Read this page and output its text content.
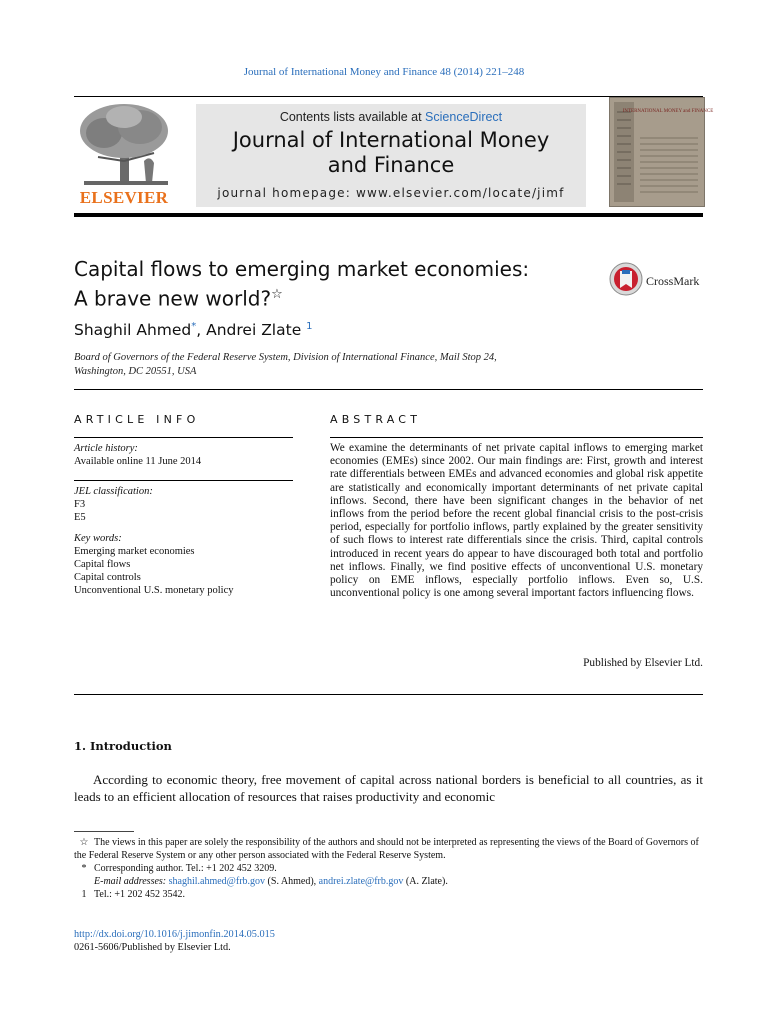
Journal of International Money and Finance 48 (2014) 221–248
ELSEVIER
Contents lists available at ScienceDirect
Journal of International Money
and Finance
journal homepage: www.elsevier.com/locate/jimf
INTERNATIONAL MONEY and FINANCE
Capital flows to emerging market economies:
A brave new world?☆
CrossMark
Shaghil Ahmed*, Andrei Zlate $^1$
Board of Governors of the Federal Reserve System, Division of International Finance, Mail Stop 24,
Washington, DC 20551, USA
ARTICLE INFO	ABSTRACT
Article history:
Available online 11 June 2014
JEL classification:
F3
E5
Key words:
Emerging market economies
Capital flows
Capital controls
Unconventional U.S. monetary policy
We examine the determinants of net private capital inflows to emerging market economies (EMEs) since 2002. Our main findings are: First, growth and interest rate differentials between EMEs and advanced economies and global risk appetite are statistically and economically important determinants of net private capital inflows. Second, there have been significant changes in the behavior of net inflows from the period before the recent global financial crisis to the post-crisis period, especially for portfolio inflows, partly explained by the greater sensitivity of such flows to interest rate differentials since the crisis. Third, capital controls introduced in recent years do appear to have discouraged both total and portfolio net inflows. Finally, we find positive effects of unconventional U.S. monetary policy on EME inflows, especially portfolio inflows. Even so, U.S. unconventional policy is one among several important factors influencing flows.
Published by Elsevier Ltd.
1. Introduction
According to economic theory, free movement of capital across national borders is beneficial to all countries, as it leads to an efficient allocation of resources that raises productivity and economic
☆ The views in this paper are solely the responsibility of the authors and should not be interpreted as representing the views of the Board of Governors of the Federal Reserve System or any other person associated with the Federal Reserve System.
* Corresponding author. Tel.: +1 202 452 3209.
E-mail addresses: shaghil.ahmed@frb.gov (S. Ahmed), andrei.zlate@frb.gov (A. Zlate).
1 Tel.: +1 202 452 3542.
http://dx.doi.org/10.1016/j.jimonfin.2014.05.015
0261-5606/Published by Elsevier Ltd.
